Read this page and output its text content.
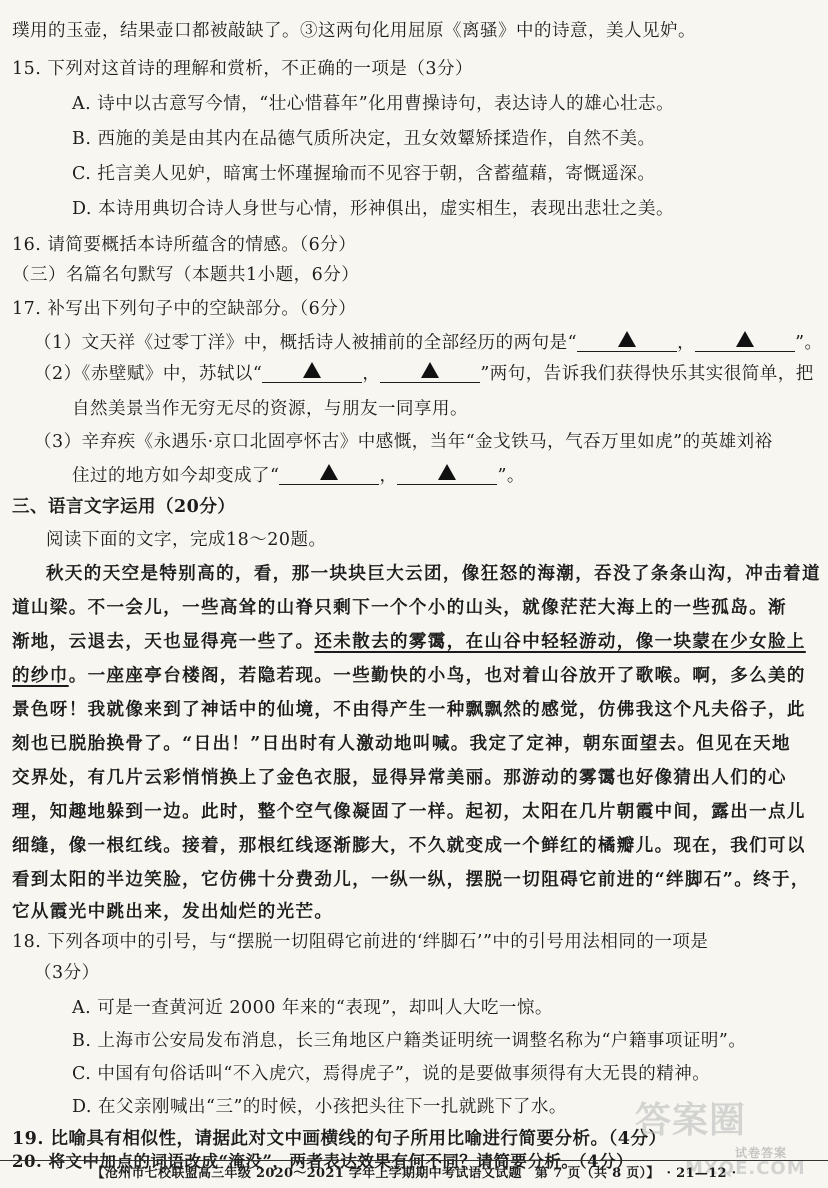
璞用的玉壶，结果壶口都被敲缺了。③这两句化用屈原《离骚》中的诗意，美人见妒。
15. 下列对这首诗的理解和赏析，不正确的一项是（3分）
A. 诗中以古意写今情，“壮心惜暮年”化用曹操诗句，表达诗人的雄心壮志。
B. 西施的美是由其内在品德气质所决定，丑女效颦矫揉造作，自然不美。
C. 托言美人见妒，暗寓士怀瑾握瑜而不见容于朝，含蓄蕴藉，寄慨遥深。
D. 本诗用典切合诗人身世与心情，形神俱出，虚实相生，表现出悲壮之美。
16. 请简要概括本诗所蕴含的情感。（6分）
（三）名篇名句默写（本题共1小题，6分）
17. 补写出下列句子中的空缺部分。（6分）
（1）文天祥《过零丁洋》中，概括诗人被捕前的全部经历的两句是“	，	”。
（2）《赤壁赋》中，苏轼以“	，	”两句，告诉我们获得快乐其实很简单，把
自然美景当作无穷无尽的资源，与朋友一同享用。
（3）辛弃疾《永遇乐·京口北固亭怀古》中感慨，当年“金戈铁马，气吞万里如虎”的英雄刘裕
住过的地方如今却变成了“	，	”。
三、语言文字运用（20分）
阅读下面的文字，完成18～20题。
秋天的天空是特别高的，看，那一块块巨大云团，像狂怒的海潮，吞没了条条山沟，冲击着道
道山梁。不一会儿，一些高耸的山脊只剩下一个个小的山头，就像茫茫大海上的一些孤岛。渐
渐地，云退去，天也显得亮一些了。还未散去的雾霭，在山谷中轻轻游动，像一块蒙在少女脸上
的纱巾。一座座亭台楼阁，若隐若现。一些勤快的小鸟，也对着山谷放开了歌喉。啊，多么美的
景色呀！我就像来到了神话中的仙境，不由得产生一种飘飘然的感觉，仿佛我这个凡夫俗子，此
刻也已脱胎换骨了。“日出！”日出时有人激动地叫喊。我定了定神，朝东面望去。但见在天地
交界处，有几片云彩悄悄换上了金色衣服，显得异常美丽。那游动的雾霭也好像猜出人们的心
理，知趣地躲到一边。此时，整个空气像凝固了一样。起初，太阳在几片朝霞中间，露出一点儿
细缝，像一根红线。接着，那根红线逐渐膨大，不久就变成一个鲜红的橘瓣儿。现在，我们可以
看到太阳的半边笑脸，它仿佛十分费劲儿，一纵一纵，摆脱一切阻碍它前进的“绊脚石”。终于，
它从霞光中跳出来，发出灿烂的光芒。
18. 下列各项中的引号，与“摆脱一切阻碍它前进的‘绊脚石’”中的引号用法相同的一项是
（3分）
A. 可是一查黄河近 2000 年来的“表现”，却叫人大吃一惊。
B. 上海市公安局发布消息，长三角地区户籍类证明统一调整名称为“户籍事项证明”。
C. 中国有句俗话叫“不入虎穴，焉得虎子”，说的是要做事须得有大无畏的精神。
D. 在父亲刚喊出“三”的时候，小孩把头往下一扎就跳下了水。
19. 比喻具有相似性，请据此对文中画横线的句子所用比喻进行简要分析。（4分）
20. 将文中加点的词语改成“淹没”，两者表达效果有何不同？请简要分析。（4分）
答案圈
试卷答案
MXQE.COM
【沧州市七校联盟高三年级 2020～2021 学年上学期期中考试语文试题　第 7 页（共 8 页）】　· 21—12 ·
